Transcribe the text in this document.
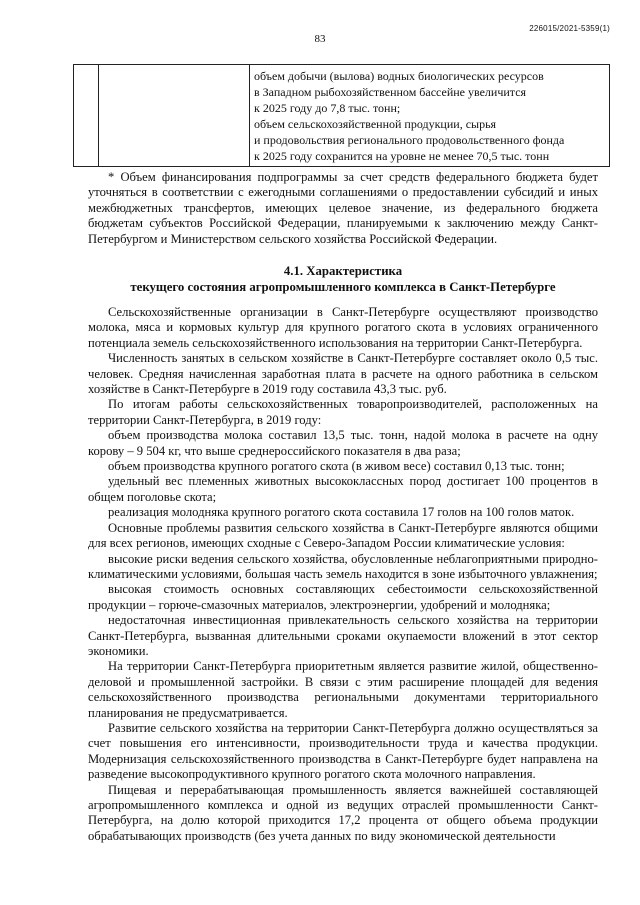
226015/2021-5359(1)
83

объем добычи (вылова) водных биологических ресурсов
в Западном рыбохозяйственном бассейне увеличится
к 2025 году до 7,8 тыс. тонн;
объем сельскохозяйственной продукции, сырья
и продовольствия регионального продовольственного фонда
к 2025 году сохранится на уровне не менее 70,5 тыс. тонн

* Объем финансирования подпрограммы за счет средств федерального бюджета будет уточняться в соответствии с ежегодными соглашениями о предоставлении субсидий и иных межбюджетных трансфертов, имеющих целевое значение, из федерального бюджета бюджетам субъектов Российской Федерации, планируемыми к заключению между Санкт-Петербургом и Министерством сельского хозяйства Российской Федерации.

4.1. Характеристика

текущего состояния агропромышленного комплекса в Санкт-Петербурге

Сельскохозяйственные организации в Санкт-Петербурге осуществляют производство молока, мяса и кормовых культур для крупного рогатого скота в условиях ограниченного потенциала земель сельскохозяйственного использования на территории Санкт-Петербурга.

Численность занятых в сельском хозяйстве в Санкт-Петербурге составляет около 0,5 тыс. человек. Средняя начисленная заработная плата в расчете на одного работника в сельском хозяйстве в Санкт-Петербурге в 2019 году составила 43,3 тыс. руб.

По итогам работы сельскохозяйственных товаропроизводителей, расположенных на территории Санкт-Петербурга, в 2019 году:

объем производства молока составил 13,5 тыс. тонн, надой молока в расчете на одну корову – 9 504 кг, что выше среднероссийского показателя в два раза;

объем производства крупного рогатого скота (в живом весе) составил 0,13 тыс. тонн;

удельный вес племенных животных высококлассных пород достигает 100 процентов в общем поголовье скота;

реализация молодняка крупного рогатого скота составила 17 голов на 100 голов маток.

Основные проблемы развития сельского хозяйства в Санкт-Петербурге являются общими для всех регионов, имеющих сходные с Северо-Западом России климатические условия:

высокие риски ведения сельского хозяйства, обусловленные неблагоприятными природно-климатическими условиями, большая часть земель находится в зоне избыточного увлажнения;

высокая стоимость основных составляющих себестоимости сельскохозяйственной продукции – горюче-смазочных материалов, электроэнергии, удобрений и молодняка;

недостаточная инвестиционная привлекательность сельского хозяйства на территории Санкт-Петербурга, вызванная длительными сроками окупаемости вложений в этот сектор экономики.

На территории Санкт-Петербурга приоритетным является развитие жилой, общественно-деловой и промышленной застройки. В связи с этим расширение площадей для ведения сельскохозяйственного производства региональными документами территориального планирования не предусматривается.

Развитие сельского хозяйства на территории Санкт-Петербурга должно осуществляться за счет повышения его интенсивности, производительности труда и качества продукции. Модернизация сельскохозяйственного производства в Санкт-Петербурге будет направлена на разведение высокопродуктивного крупного рогатого скота молочного направления.

Пищевая и перерабатывающая промышленность является важнейшей составляющей агропромышленного комплекса и одной из ведущих отраслей промышленности Санкт-Петербурга, на долю которой приходится 17,2 процента от общего объема продукции обрабатывающих производств (без учета данных по виду экономической деятельности
